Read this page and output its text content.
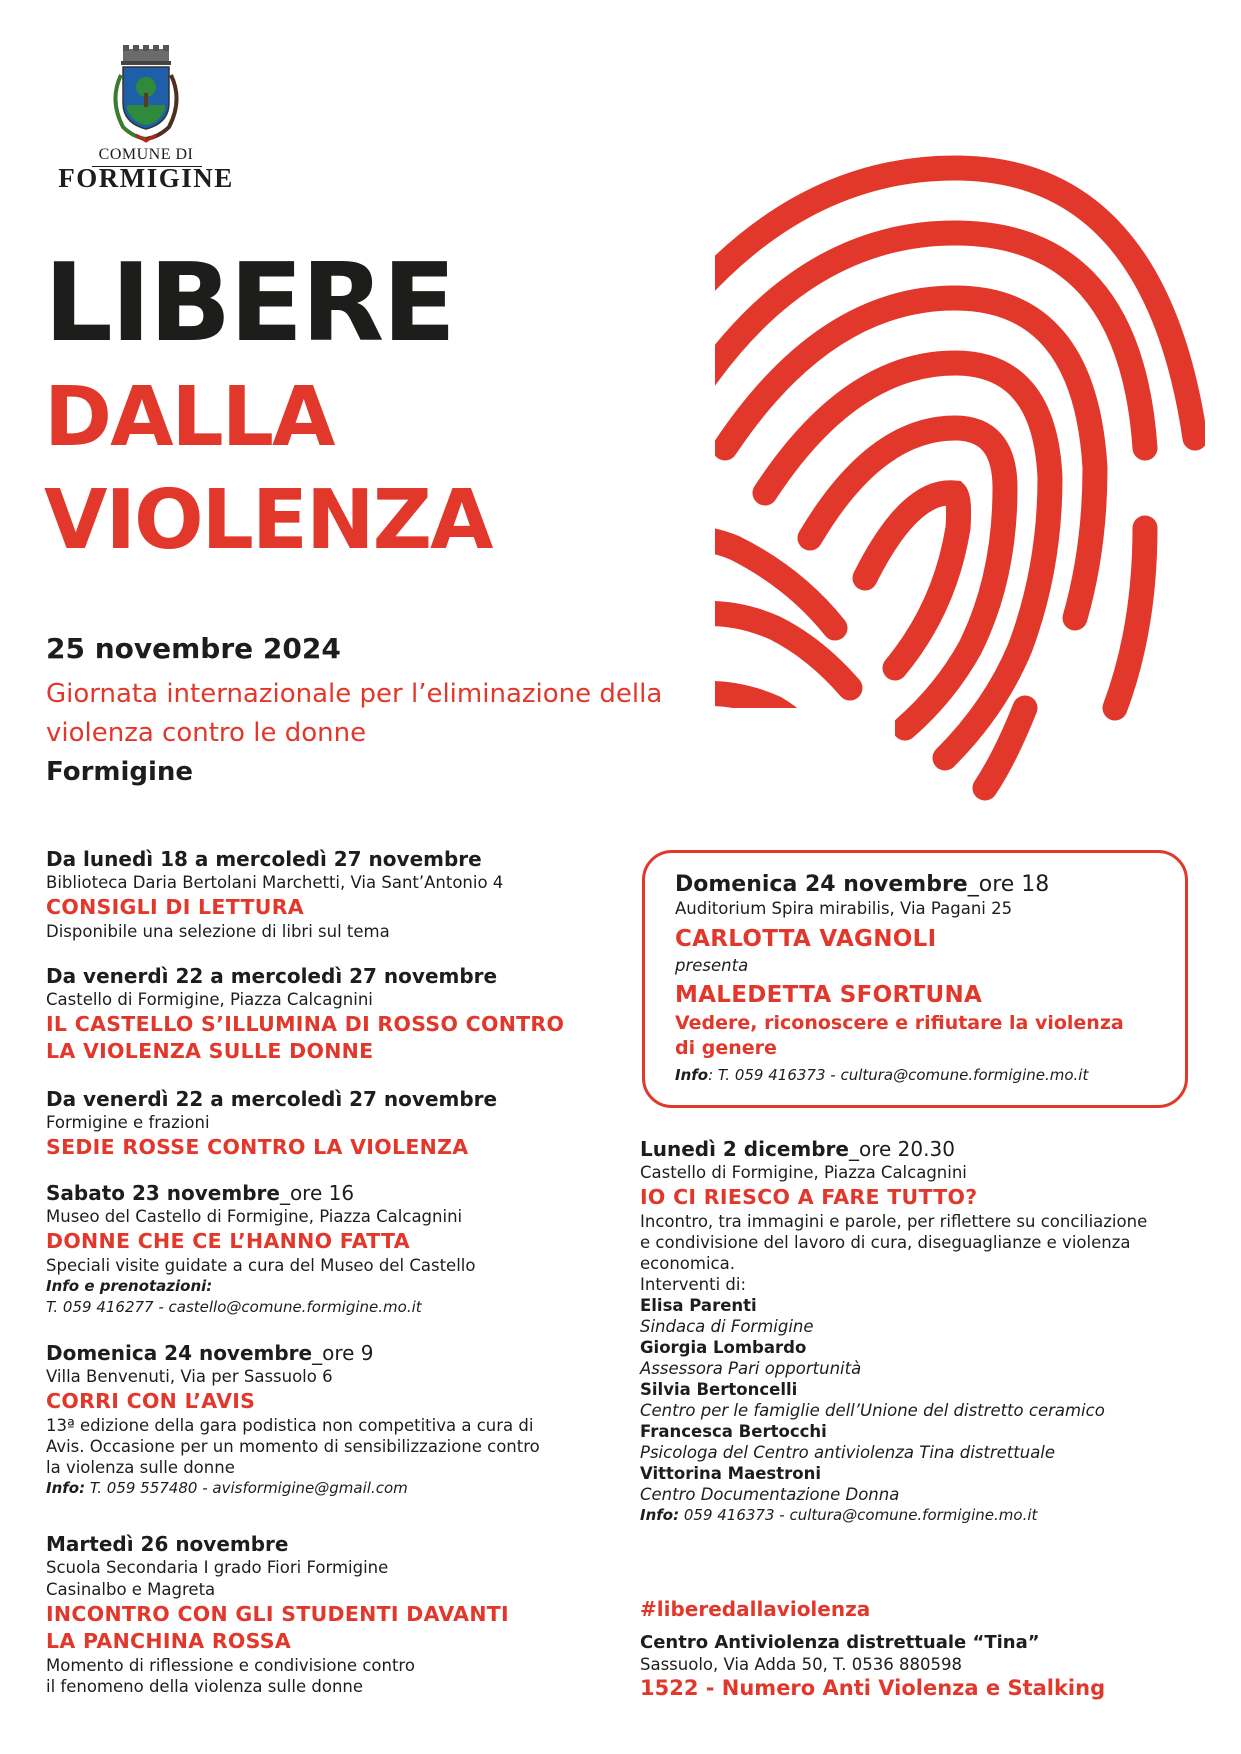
COMUNE DI
FORMIGINE
LIBERE
DALLA
VIOLENZA
25 novembre 2024
Giornata internazionale per l’eliminazione della violenza contro le donne
Formigine
Da lunedì 18 a mercoledì 27 novembre
Biblioteca Daria Bertolani Marchetti, Via Sant’Antonio 4
CONSIGLI DI LETTURA
Disponibile una selezione di libri sul tema
Da venerdì 22 a mercoledì 27 novembre
Castello di Formigine, Piazza Calcagnini
IL CASTELLO S’ILLUMINA DI ROSSO CONTRO
LA VIOLENZA SULLE DONNE
Da venerdì 22 a mercoledì 27 novembre
Formigine e frazioni
SEDIE ROSSE CONTRO LA VIOLENZA
Sabato 23 novembre_ore 16
Museo del Castello di Formigine, Piazza Calcagnini
DONNE CHE CE L’HANNO FATTA
Speciali visite guidate a cura del Museo del Castello
Info e prenotazioni:
T. 059 416277 - castello@comune.formigine.mo.it
Domenica 24 novembre_ore 9
Villa Benvenuti, Via per Sassuolo 6
CORRI CON L’AVIS
13ª edizione della gara podistica non competitiva a cura di
Avis. Occasione per un momento di sensibilizzazione contro
la violenza sulle donne
Info: T. 059 557480 - avisformigine@gmail.com
Martedì 26 novembre
Scuola Secondaria I grado Fiori Formigine
Casinalbo e Magreta
INCONTRO CON GLI STUDENTI DAVANTI
LA PANCHINA ROSSA
Momento di riflessione e condivisione contro
il fenomeno della violenza sulle donne
Domenica 24 novembre_ore 18
Auditorium Spira mirabilis, Via Pagani 25
CARLOTTA VAGNOLI
presenta
MALEDETTA SFORTUNA
Vedere, riconoscere e rifiutare la violenza
di genere
Info: T. 059 416373 - cultura@comune.formigine.mo.it
Lunedì 2 dicembre_ore 20.30
Castello di Formigine, Piazza Calcagnini
IO CI RIESCO A FARE TUTTO?
Incontro, tra immagini e parole, per riflettere su conciliazione
e condivisione del lavoro di cura, diseguaglianze e violenza
economica.
Interventi di:
Elisa Parenti
Sindaca di Formigine
Giorgia Lombardo
Assessora Pari opportunità
Silvia Bertoncelli
Centro per le famiglie dell’Unione del distretto ceramico
Francesca Bertocchi
Psicologa del Centro antiviolenza Tina distrettuale
Vittorina Maestroni
Centro Documentazione Donna
Info: 059 416373 - cultura@comune.formigine.mo.it
#liberedallaviolenza
Centro Antiviolenza distrettuale “Tina”
Sassuolo, Via Adda 50, T. 0536 880598
1522 - Numero Anti Violenza e Stalking
